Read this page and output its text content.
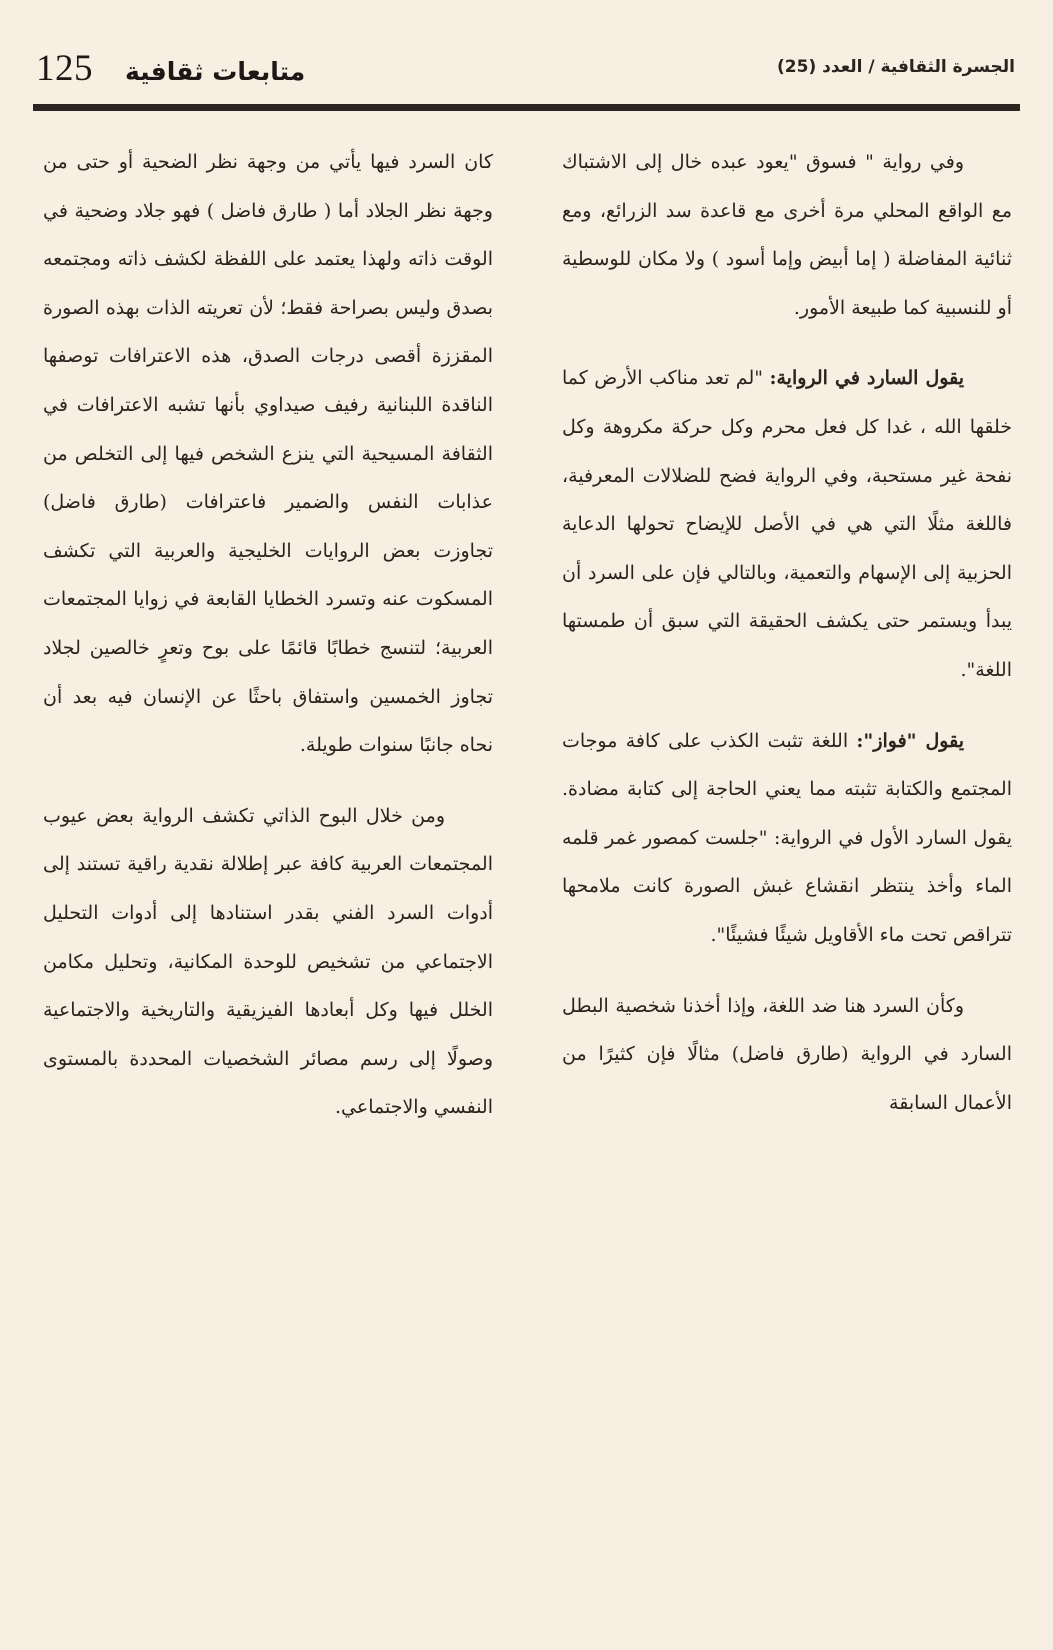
125 متابعات ثقافية	الجسرة الثقافية / العدد (25)

وفي رواية " فسوق "يعود عبده خال إلى الاشتباك مع الواقع المحلي مرة أخرى مع قاعدة سد الزرائع، ومع ثنائية المفاضلة ( إما أبيض وإما أسود ) ولا مكان للوسطية أو للنسبية كما طبيعة الأمور.

يقول السارد في الرواية: "لم تعد مناكب الأرض كما خلقها الله ، غدا كل فعل محرم وكل حركة مكروهة وكل نفحة غير مستحبة، وفي الرواية فضح للضلالات المعرفية، فاللغة مثلًا التي هي في الأصل للإيضاح تحولها الدعاية الحزبية إلى الإسهام والتعمية، وبالتالي فإن على السرد أن يبدأ ويستمر حتى يكشف الحقيقة التي سبق أن طمستها اللغة".

يقول "فواز": اللغة تثبت الكذب على كافة موجات المجتمع والكتابة تثبته مما يعني الحاجة إلى كتابة مضادة. يقول السارد الأول في الرواية: "جلست كمصور غمر قلمه الماء وأخذ ينتظر انقشاع غبش الصورة كانت ملامحها تتراقص تحت ماء الأقاويل شيئًا فشيئًا".

وكأن السرد هنا ضد اللغة، وإذا أخذنا شخصية البطل السارد في الرواية (طارق فاضل) مثالًا فإن كثيرًا من الأعمال السابقة

كان السرد فيها يأتي من وجهة نظر الضحية أو حتى من وجهة نظر الجلاد أما ( طارق فاضل ) فهو جلاد وضحية في الوقت ذاته ولهذا يعتمد على اللفظة لكشف ذاته ومجتمعه بصدق وليس بصراحة فقط؛ لأن تعريته الذات بهذه الصورة المقززة أقصى درجات الصدق، هذه الاعترافات توصفها الناقدة اللبنانية رفيف صيداوي بأنها تشبه الاعترافات في الثقافة المسيحية التي ينزع الشخص فيها إلى التخلص من عذابات النفس والضمير فاعترافات (طارق فاضل) تجاوزت بعض الروايات الخليجية والعربية التي تكشف المسكوت عنه وتسرد الخطايا القابعة في زوايا المجتمعات العربية؛ لتنسج خطابًا قائمًا على بوح وتعرٍ خالصين لجلاد تجاوز الخمسين واستفاق باحثًا عن الإنسان فيه بعد أن نحاه جانبًا سنوات طويلة.

ومن خلال البوح الذاتي تكشف الرواية بعض عيوب المجتمعات العربية كافة عبر إطلالة نقدية راقية تستند إلى أدوات السرد الفني بقدر استنادها إلى أدوات التحليل الاجتماعي من تشخيص للوحدة المكانية، وتحليل مكامن الخلل فيها وكل أبعادها الفيزيقية والتاريخية والاجتماعية وصولًا إلى رسم مصائر الشخصيات المحددة بالمستوى النفسي والاجتماعي.
